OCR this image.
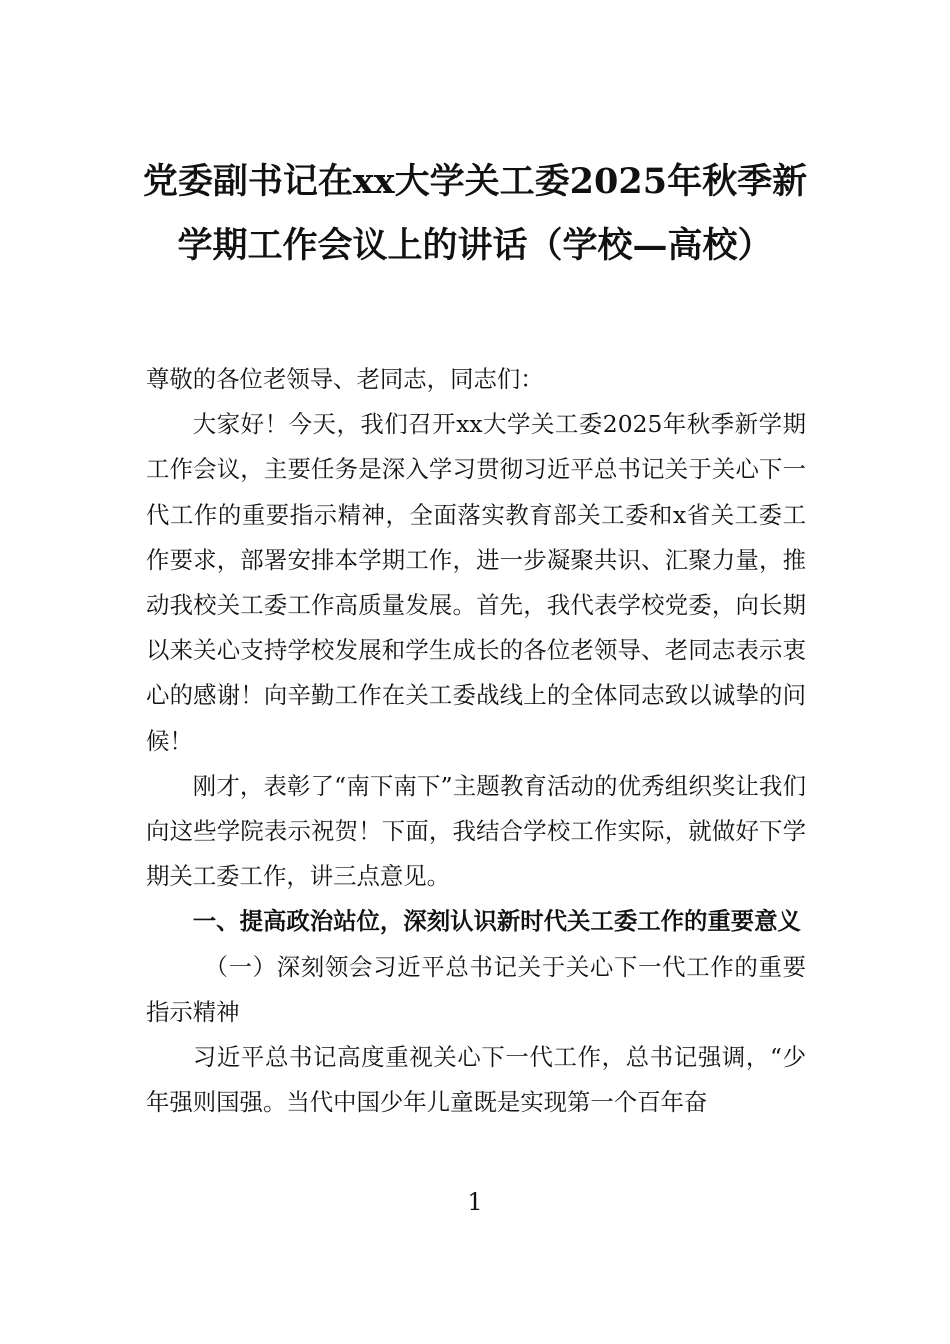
党委副书记在xx大学关工委2025年秋季新
学期工作会议上的讲话（学校—高校）

尊敬的各位老领导、老同志，同志们：

大家好！今天，我们召开xx大学关工委2025年秋季新学期工作会议，主要任务是深入学习贯彻习近平总书记关于关心下一代工作的重要指示精神，全面落实教育部关工委和x省关工委工作要求，部署安排本学期工作，进一步凝聚共识、汇聚力量，推动我校关工委工作高质量发展。首先，我代表学校党委，向长期以来关心支持学校发展和学生成长的各位老领导、老同志表示衷心的感谢！向辛勤工作在关工委战线上的全体同志致以诚挚的问候！

刚才，表彰了“南下南下”主题教育活动的优秀组织奖让我们向这些学院表示祝贺！下面，我结合学校工作实际，就做好下学期关工委工作，讲三点意见。

一、提高政治站位，深刻认识新时代关工委工作的重要意义

（一）深刻领会习近平总书记关于关心下一代工作的重要指示精神

习近平总书记高度重视关心下一代工作，总书记强调，“少年强则国强。当代中国少年儿童既是实现第一个百年奋

1
